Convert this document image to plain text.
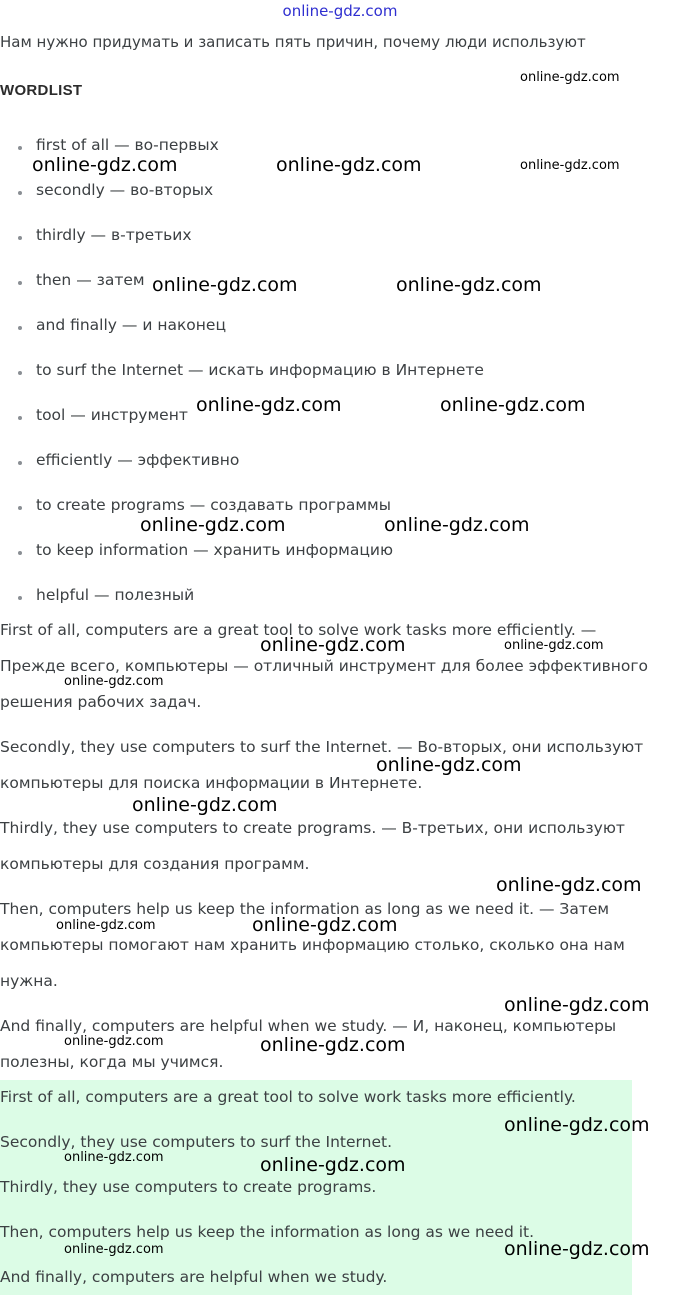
online-gdz.com
Нам нужно придумать и записать пять причин, почему люди используют
WORDLIST
first of all — во-первых
secondly — во-вторых
thirdly — в-третьих
then — затем
and finally — и наконец
to surf the Internet — искать информацию в Интернете
tool — инструмент
efficiently — эффективно
to create programs — создавать программы
to keep information — хранить информацию
helpful — полезный
First of all, computers are a great tool to solve work tasks more efficiently. —
Прежде всего, компьютеры — отличный инструмент для более эффективного
решения рабочих задач.
Secondly, they use computers to surf the Internet. — Во-вторых, они используют
компьютеры для поиска информации в Интернете.
Thirdly, they use computers to create programs. — В-третьих, они используют
компьютеры для создания программ.
Then, computers help us keep the information as long as we need it. — Затем
компьютеры помогают нам хранить информацию столько, сколько она нам
нужна.
And finally, computers are helpful when we study. — И, наконец, компьютеры
полезны, когда мы учимся.
First of all, computers are a great tool to solve work tasks more efficiently.
Secondly, they use computers to surf the Internet.
Thirdly, they use computers to create programs.
Then, computers help us keep the information as long as we need it.
And finally, computers are helpful when we study.
online-gdz.com
online-gdz.com	online-gdz.com	online-gdz.com
online-gdz.com	online-gdz.com
online-gdz.com	online-gdz.com
online-gdz.com	online-gdz.com
online-gdz.com	online-gdz.com
online-gdz.com
online-gdz.com
online-gdz.com
online-gdz.com
online-gdz.com	online-gdz.com
online-gdz.com
online-gdz.com	online-gdz.com
online-gdz.com
online-gdz.com	online-gdz.com
online-gdz.com	online-gdz.com
